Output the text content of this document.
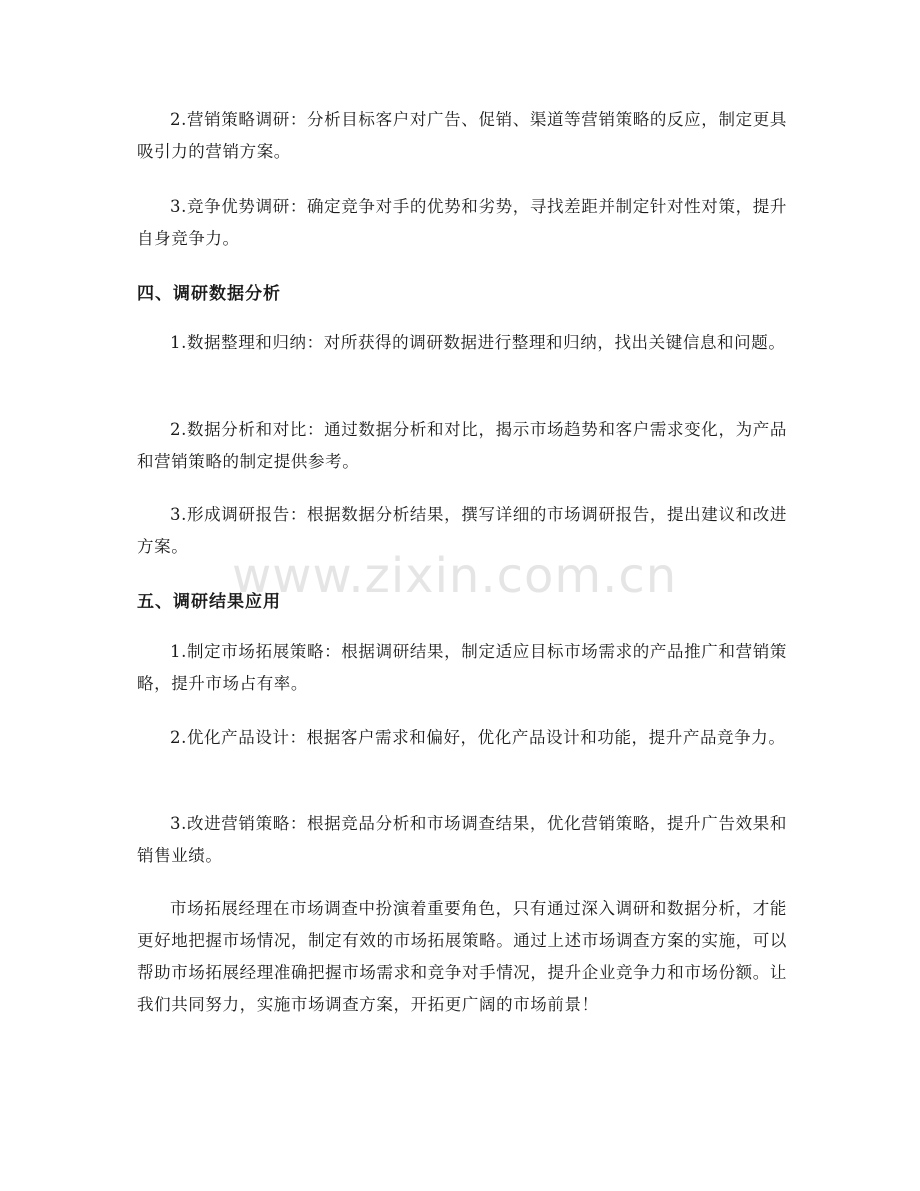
2.营销策略调研：分析目标客户对广告、促销、渠道等营销策略的反应，制定更具吸引力的营销方案。

3.竞争优势调研：确定竞争对手的优势和劣势，寻找差距并制定针对性对策，提升自身竞争力。

四、调研数据分析

1.数据整理和归纳：对所获得的调研数据进行整理和归纳，找出关键信息和问题。

2.数据分析和对比：通过数据分析和对比，揭示市场趋势和客户需求变化，为产品和营销策略的制定提供参考。

3.形成调研报告：根据数据分析结果，撰写详细的市场调研报告，提出建议和改进方案。

五、调研结果应用

1.制定市场拓展策略：根据调研结果，制定适应目标市场需求的产品推广和营销策略，提升市场占有率。

2.优化产品设计：根据客户需求和偏好，优化产品设计和功能，提升产品竞争力。

3.改进营销策略：根据竞品分析和市场调查结果，优化营销策略，提升广告效果和销售业绩。

市场拓展经理在市场调查中扮演着重要角色，只有通过深入调研和数据分析，才能更好地把握市场情况，制定有效的市场拓展策略。通过上述市场调查方案的实施，可以帮助市场拓展经理准确把握市场需求和竞争对手情况，提升企业竞争力和市场份额。让我们共同努力，实施市场调查方案，开拓更广阔的市场前景！

www.zixin.com.cn
